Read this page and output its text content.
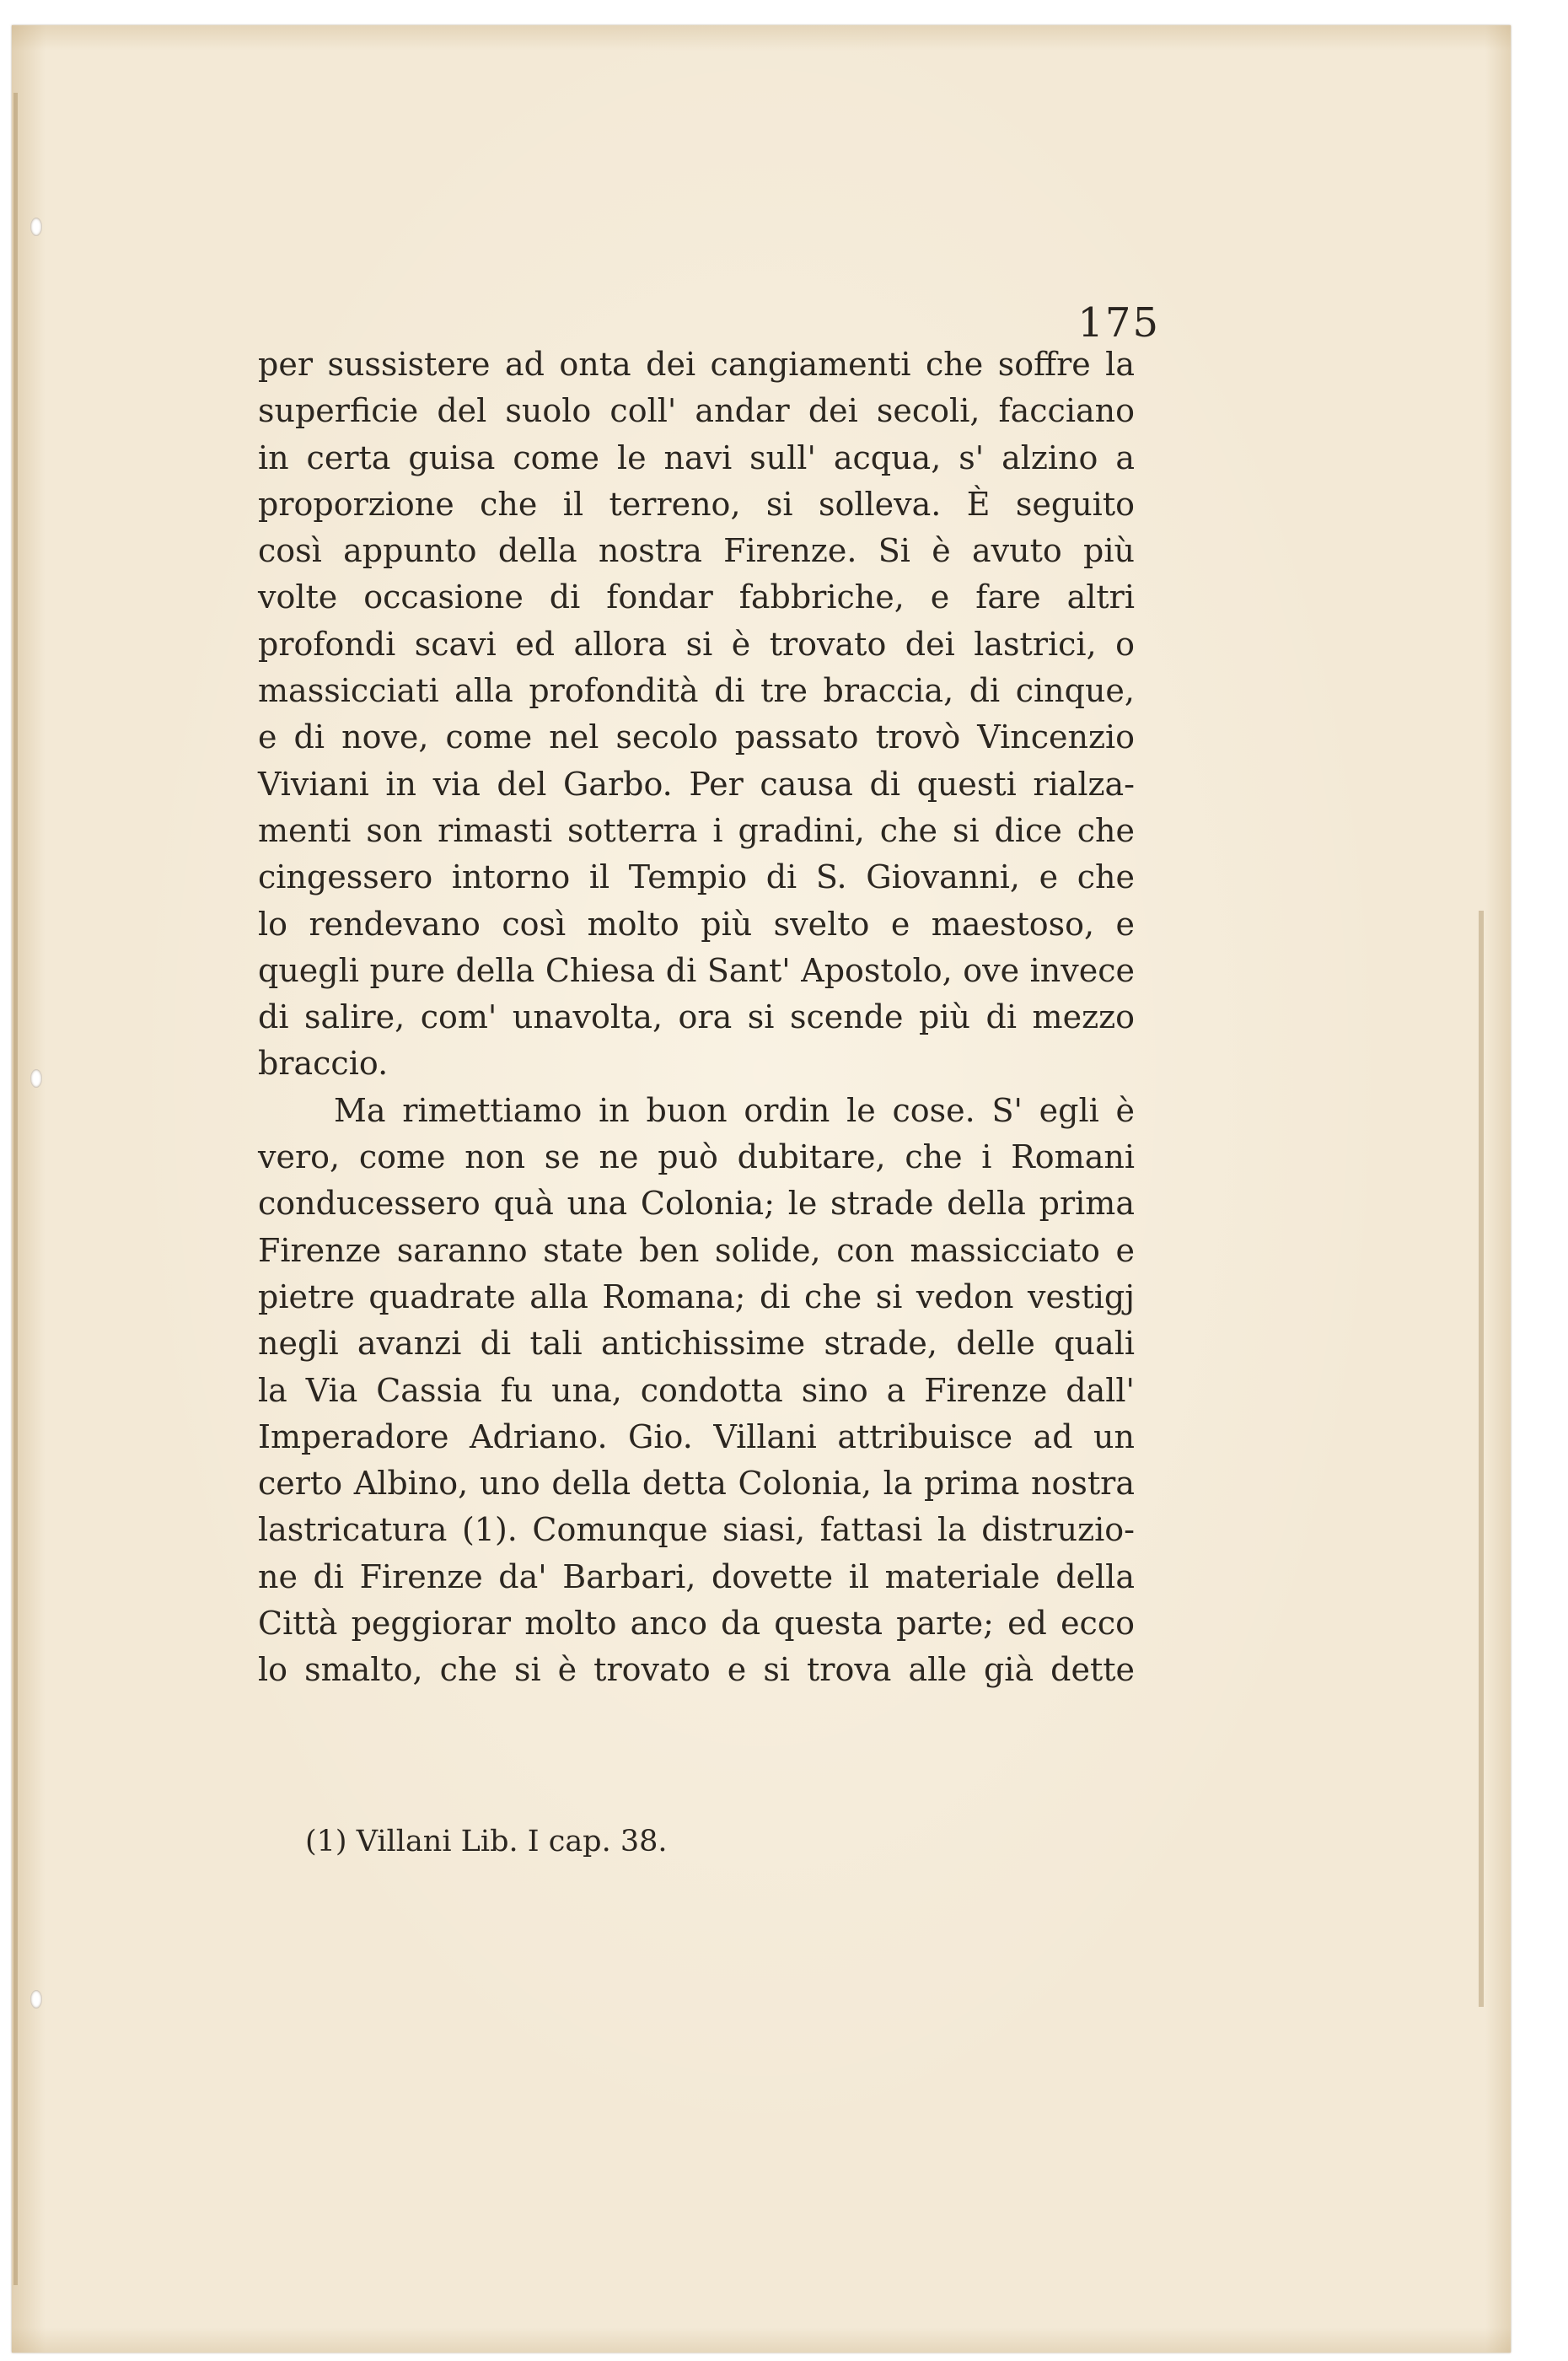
175
per sussistere ad onta dei cangiamenti che soffre la
superficie del suolo coll' andar dei secoli, facciano
in certa guisa come le navi sull' acqua, s' alzino a
proporzione che il terreno, si solleva. È seguito
così appunto della nostra Firenze. Si è avuto più
volte occasione di fondar fabbriche, e fare altri
profondi scavi ed allora si è trovato dei lastrici, o
massicciati alla profondità di tre braccia, di cinque,
e di nove, come nel secolo passato trovò Vincenzio
Viviani in via del Garbo. Per causa di questi rialza-
menti son rimasti sotterra i gradini, che si dice che
cingessero intorno il Tempio di S. Giovanni, e che
lo rendevano così molto più svelto e maestoso, e
quegli pure della Chiesa di Sant' Apostolo, ove invece
di salire, com' unavolta, ora si scende più di mezzo
braccio.
Ma rimettiamo in buon ordin le cose. S' egli è
vero, come non se ne può dubitare, che i Romani
conducessero quà una Colonia; le strade della prima
Firenze saranno state ben solide, con massicciato e
pietre quadrate alla Romana; di che si vedon vestigj
negli avanzi di tali antichissime strade, delle quali
la Via Cassia fu una, condotta sino a Firenze dall'
Imperadore Adriano. Gio. Villani attribuisce ad un
certo Albino, uno della detta Colonia, la prima nostra
lastricatura (1). Comunque siasi, fattasi la distruzio-
ne di Firenze da' Barbari, dovette il materiale della
Città peggiorar molto anco da questa parte; ed ecco
lo smalto, che si è trovato e si trova alle già dette
(1) Villani Lib. I cap. 38.
